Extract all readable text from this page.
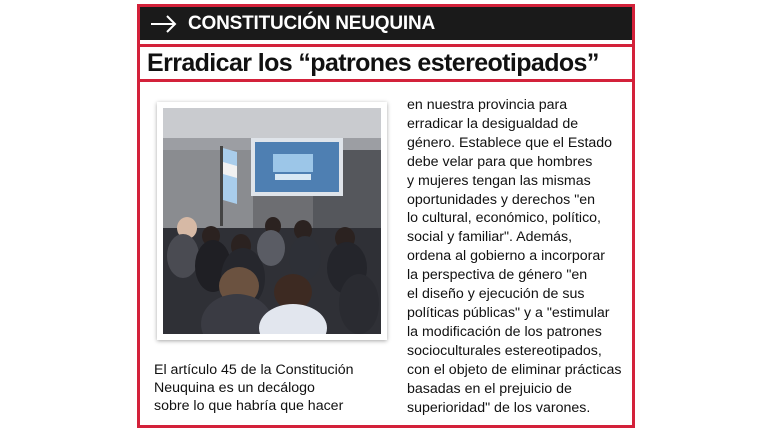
CONSTITUCIÓN NEUQUINA
Erradicar los “patrones estereotipados”
El artículo 45 de la Constitución
Neuquina es un decálogo
sobre lo que habría que hacer
en nuestra provincia para
erradicar la desigualdad de
género. Establece que el Estado
debe velar para que hombres
y mujeres tengan las mismas
oportunidades y derechos "en
lo cultural, económico, político,
social y familiar". Además,
ordena al gobierno a incorporar
la perspectiva de género "en
el diseño y ejecución de sus
políticas públicas" y a "estimular
la modificación de los patrones
socioculturales estereotipados,
con el objeto de eliminar prácticas
basadas en el prejuicio de
superioridad" de los varones.
